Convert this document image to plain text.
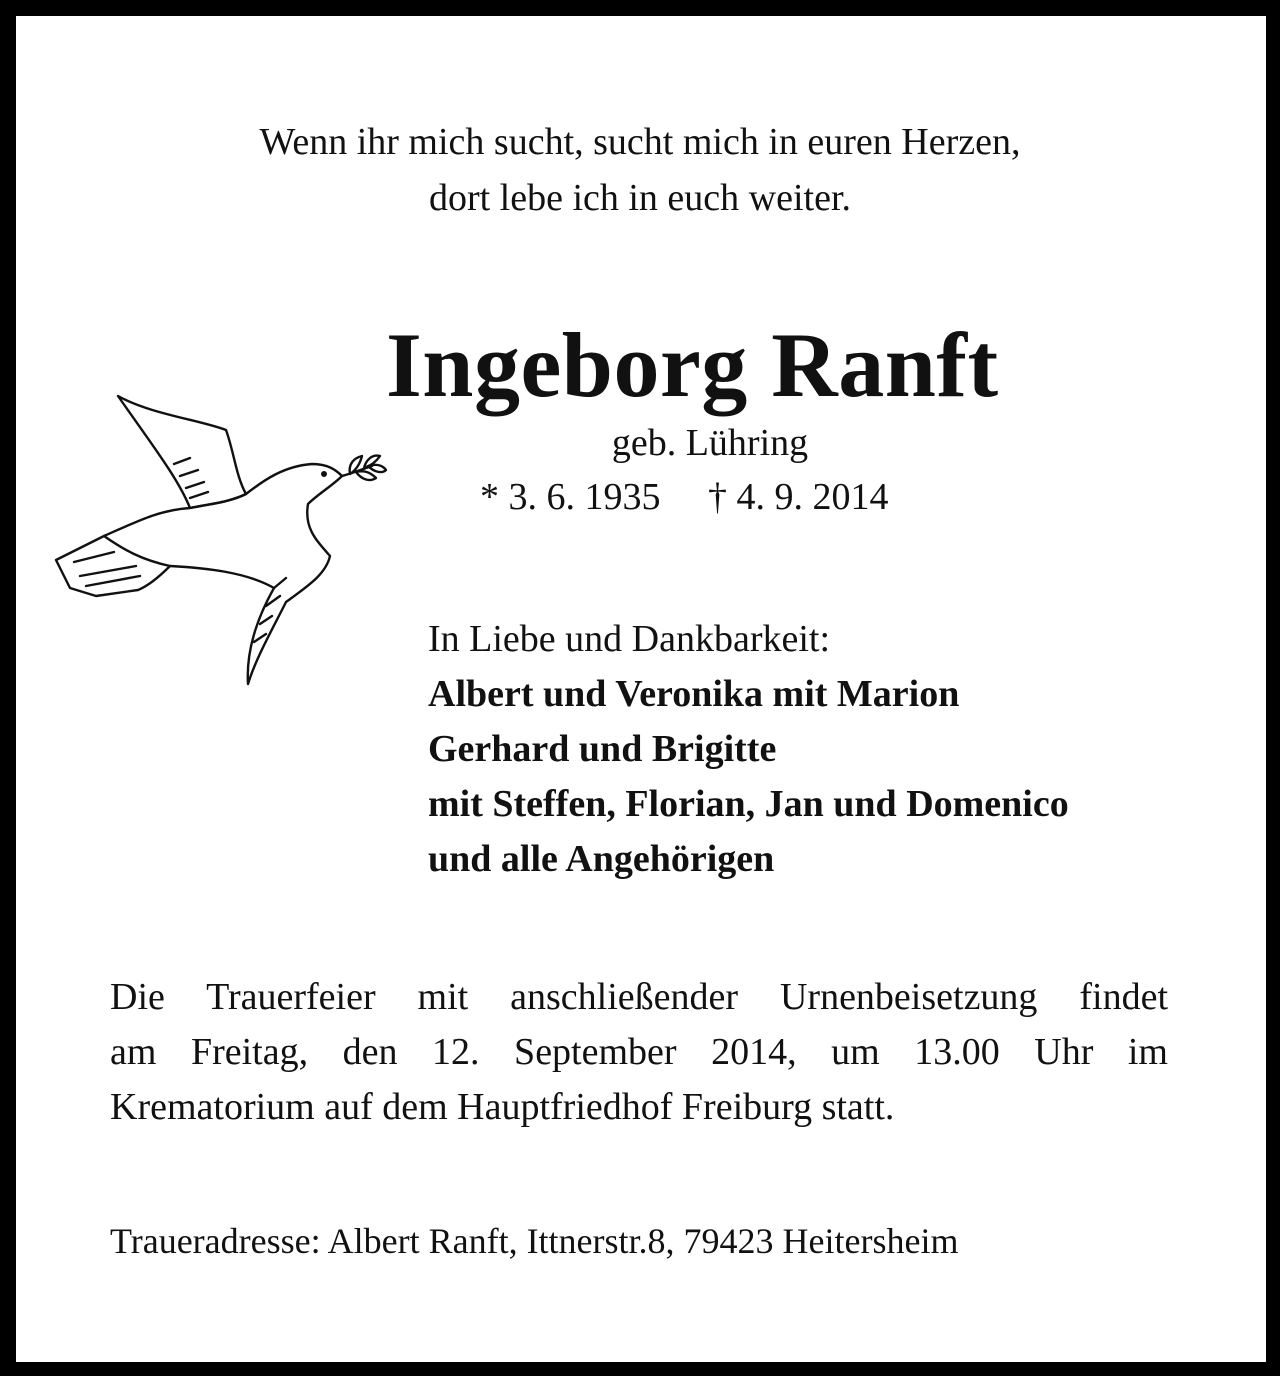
Wenn ihr mich sucht, sucht mich in euren Herzen,
dort lebe ich in euch weiter.
Ingeborg Ranft
geb. Lühring
* 3. 6. 1935 † 4. 9. 2014
In Liebe und Dankbarkeit:
Albert und Veronika mit Marion
Gerhard und Brigitte
mit Steffen, Florian, Jan und Domenico
und alle Angehörigen
Die Trauerfeier mit anschließender Urnenbeisetzung findet
am Freitag, den 12. September 2014, um 13.00 Uhr im
Krematorium auf dem Hauptfriedhof Freiburg statt.
Traueradresse: Albert Ranft, Ittnerstr.8, 79423 Heitersheim
